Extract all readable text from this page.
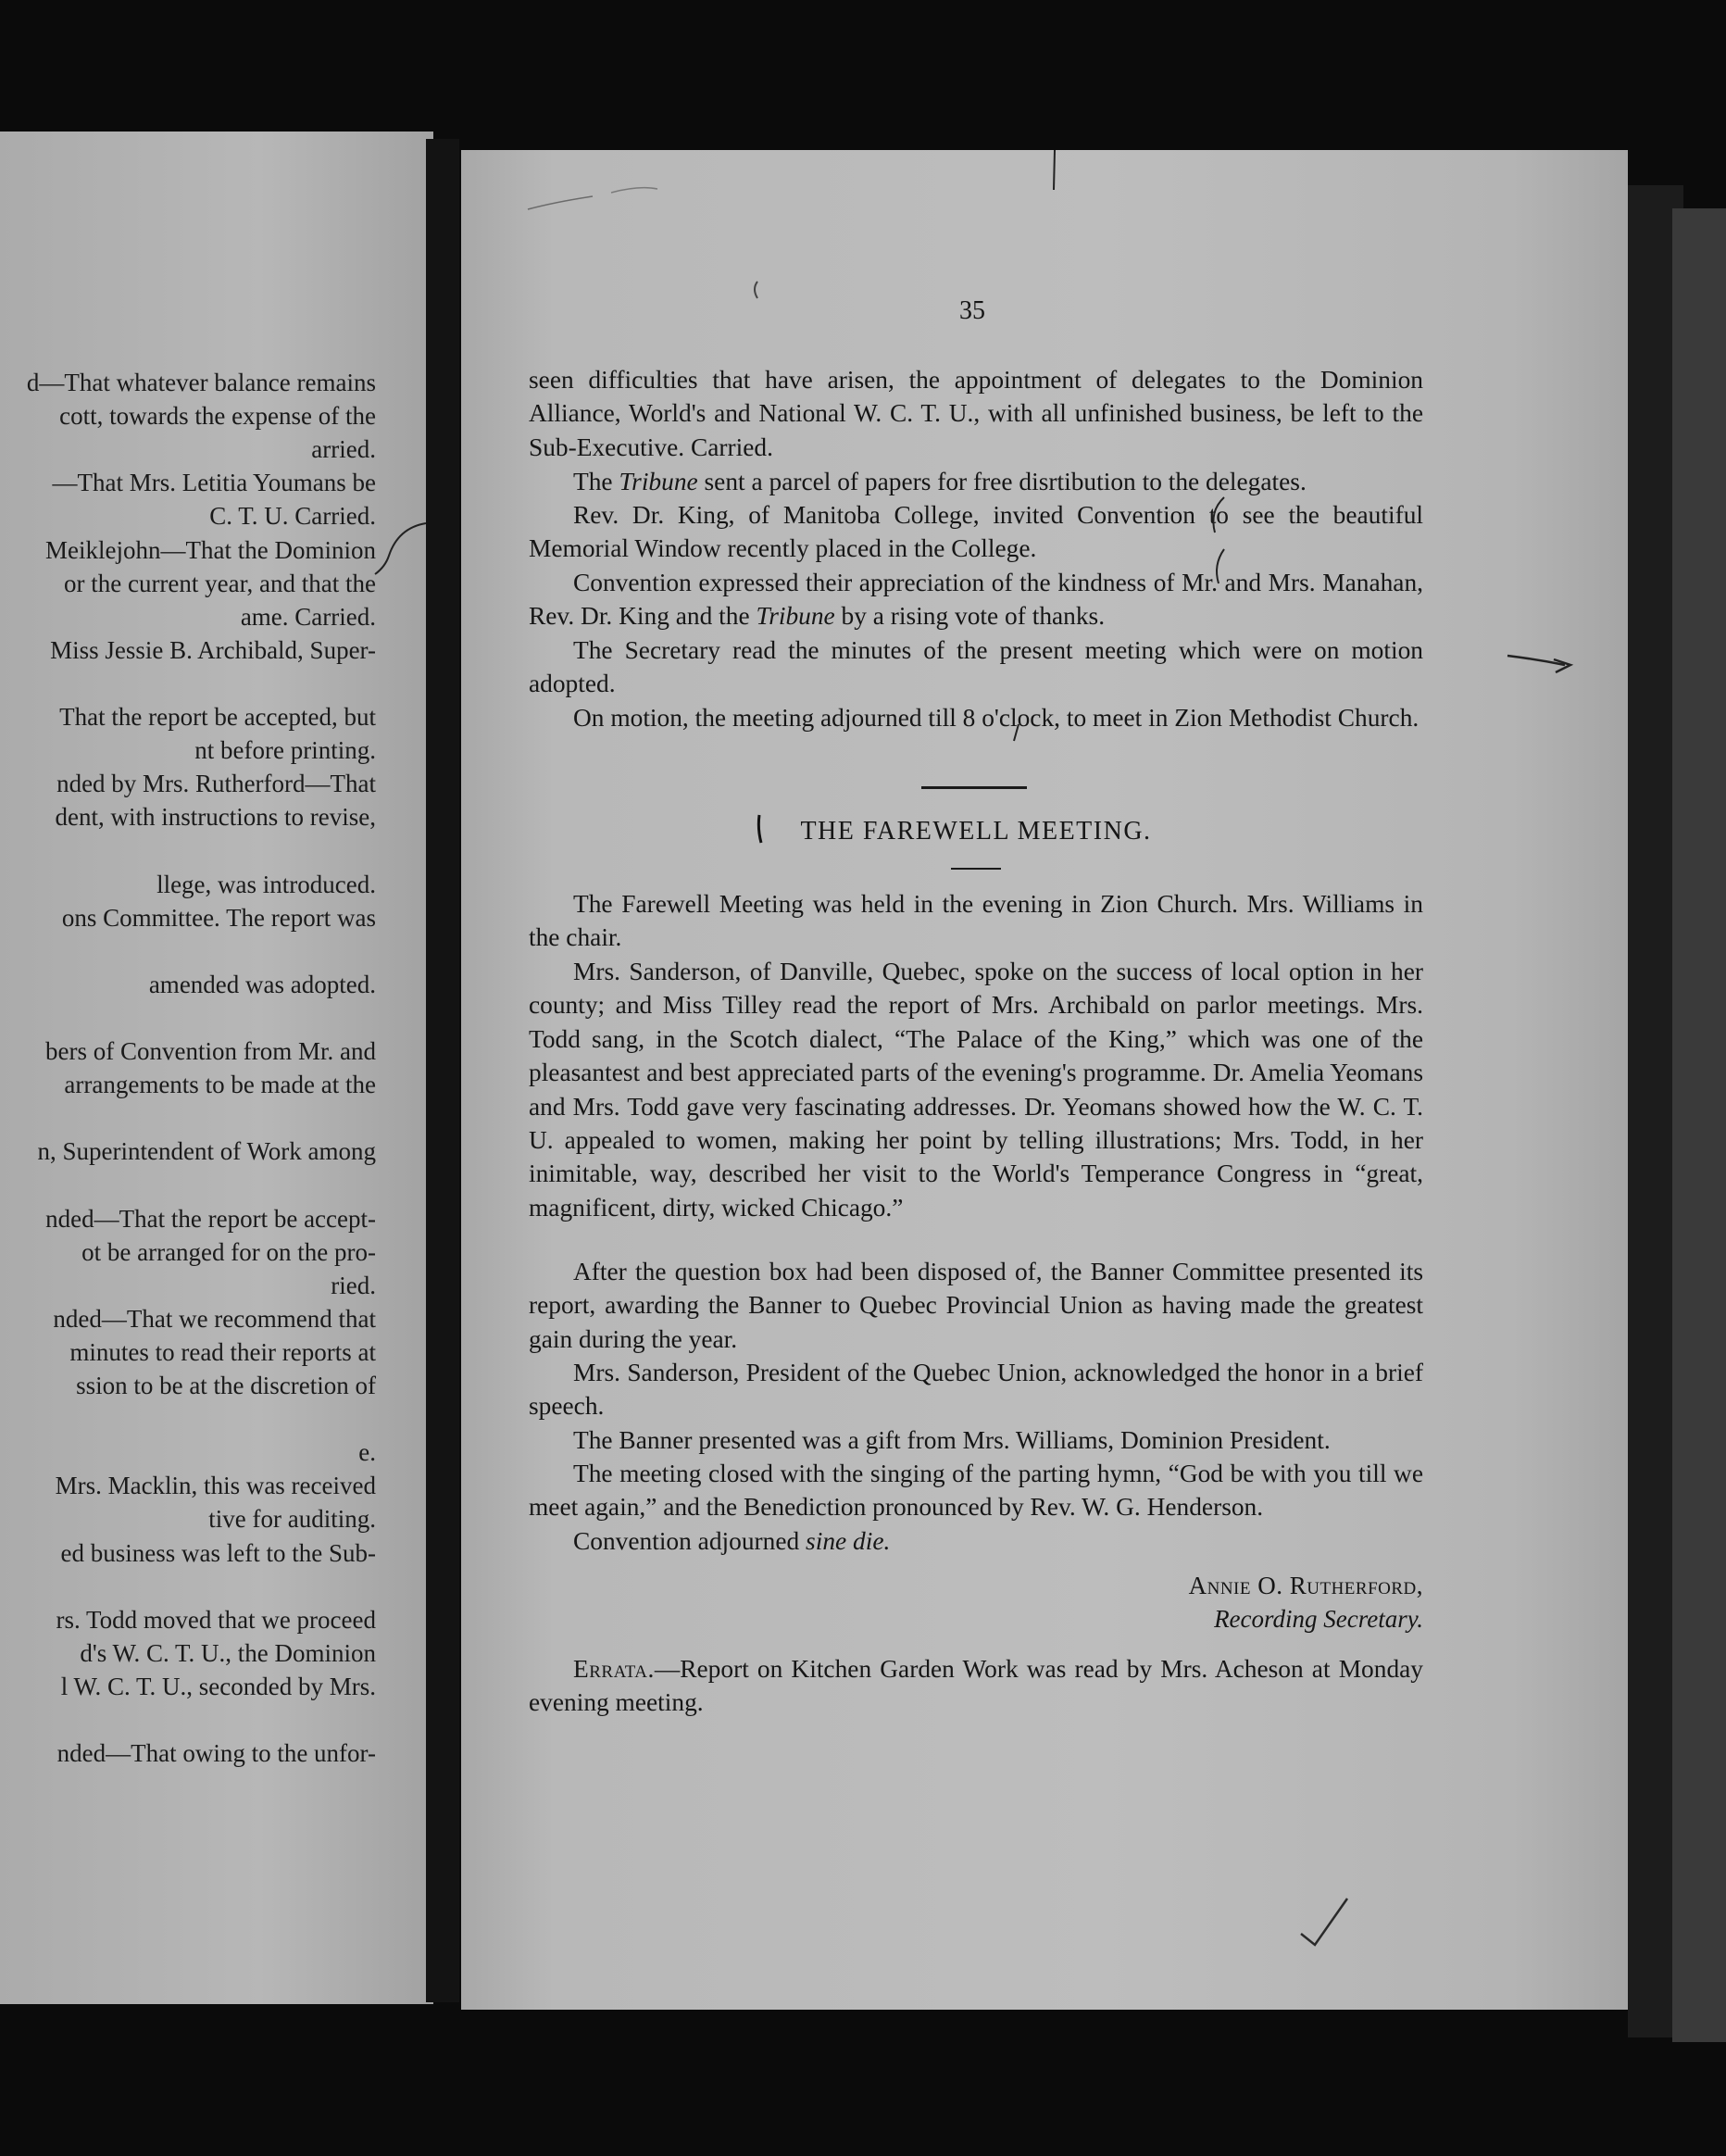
d—That whatever balance remains
cott, towards the expense of the
arried.
—That Mrs. Letitia Youmans be
C. T. U. Carried.
Meiklejohn—That the Dominion
or the current year, and that the
ame. Carried.
Miss Jessie B. Archibald, Super-
That the report be accepted, but
nt before printing.
nded by Mrs. Rutherford—That
dent, with instructions to revise,
llege, was introduced.
ons Committee. The report was
amended was adopted.
bers of Convention from Mr. and
arrangements to be made at the
n, Superintendent of Work among
nded—That the report be accept-
ot be arranged for on the pro-
ried.
nded—That we recommend that
minutes to read their reports at
ssion to be at the discretion of
e.
Mrs. Macklin, this was received
tive for auditing.
ed business was left to the Sub-
rs. Todd moved that we proceed
d's W. C. T. U., the Dominion
l W. C. T. U., seconded by Mrs.
nded—That owing to the unfor-
35

seen difficulties that have arisen, the appointment of delegates to the Dominion Alliance, World's and National W. C. T. U., with all unfinished business, be left to the Sub-Executive. Carried.

The Tribune sent a parcel of papers for free disrtibution to the delegates.

Rev. Dr. King, of Manitoba College, invited Convention to see the beautiful Memorial Window recently placed in the College.

Convention expressed their appreciation of the kindness of Mr. and Mrs. Manahan, Rev. Dr. King and the Tribune by a rising vote of thanks.

The Secretary read the minutes of the present meeting which were on motion adopted.

On motion, the meeting adjourned till 8 o'clock, to meet in Zion Methodist Church.

THE FAREWELL MEETING.

The Farewell Meeting was held in the evening in Zion Church. Mrs. Williams in the chair.

Mrs. Sanderson, of Danville, Quebec, spoke on the success of local option in her county; and Miss Tilley read the report of Mrs. Archibald on parlor meetings. Mrs. Todd sang, in the Scotch dialect, “The Palace of the King,” which was one of the pleasantest and best appreciated parts of the evening's programme. Dr. Amelia Yeomans and Mrs. Todd gave very fascinating addresses. Dr. Yeomans showed how the W. C. T. U. appealed to women, making her point by telling illustrations; Mrs. Todd, in her inimitable, way, described her visit to the World's Temperance Congress in “great, magnificent, dirty, wicked Chicago.”

After the question box had been disposed of, the Banner Committee presented its report, awarding the Banner to Quebec Provincial Union as having made the greatest gain during the year.

Mrs. Sanderson, President of the Quebec Union, acknowledged the honor in a brief speech.

The Banner presented was a gift from Mrs. Williams, Dominion President.

The meeting closed with the singing of the parting hymn, “God be with you till we meet again,” and the Benediction pronounced by Rev. W. G. Henderson.

Convention adjourned sine die.

Annie O. Rutherford,
Recording Secretary.

Errata.—Report on Kitchen Garden Work was read by Mrs. Acheson at Monday evening meeting.
